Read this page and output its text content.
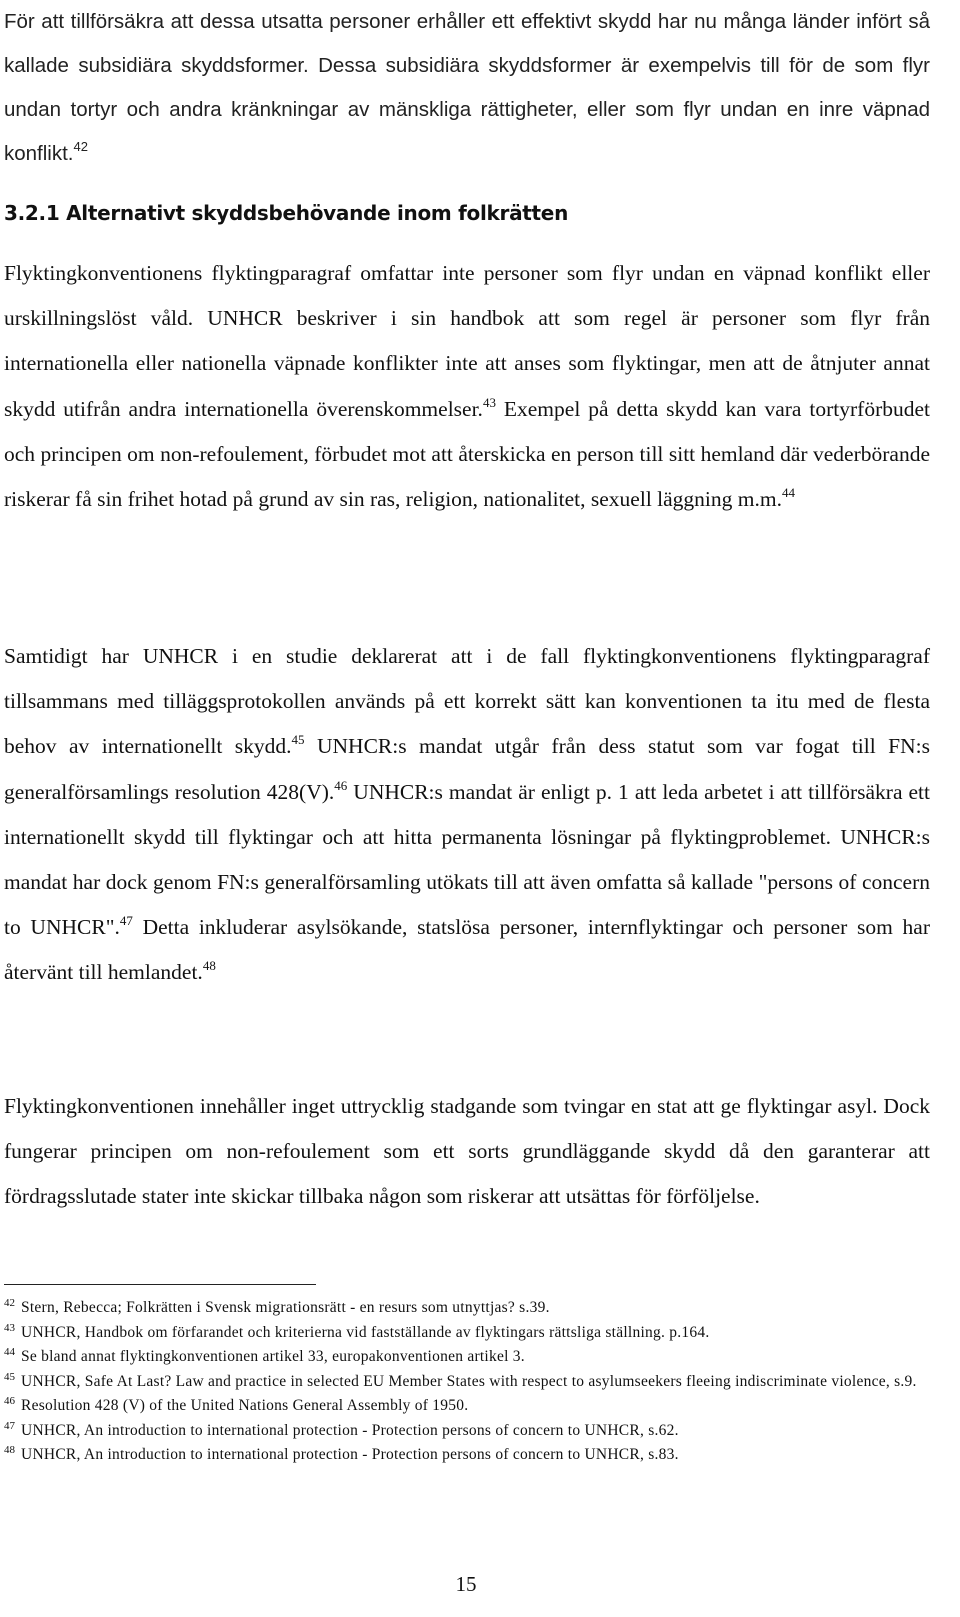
För att tillförsäkra att dessa utsatta personer erhåller ett effektivt skydd har nu många länder infört så kallade subsidiära skyddsformer. Dessa subsidiära skyddsformer är exempelvis till för de som flyr undan tortyr och andra kränkningar av mänskliga rättigheter, eller som flyr undan en inre väpnad konflikt.$^{42}$

3.2.1 Alternativt skyddsbehövande inom folkrätten

Flyktingkonventionens flyktingparagraf omfattar inte personer som flyr undan en väpnad konflikt eller urskillningslöst våld. UNHCR beskriver i sin handbok att som regel är personer som flyr från internationella eller nationella väpnade konflikter inte att anses som flyktingar, men att de åtnjuter annat skydd utifrån andra internationella överenskommelser.$^{43}$ Exempel på detta skydd kan vara tortyrförbudet och principen om non-refoulement, förbudet mot att återskicka en person till sitt hemland där vederbörande riskerar få sin frihet hotad på grund av sin ras, religion, nationalitet, sexuell läggning m.m.$^{44}$

Samtidigt har UNHCR i en studie deklarerat att i de fall flyktingkonventionens flyktingparagraf tillsammans med tilläggsprotokollen används på ett korrekt sätt kan konventionen ta itu med de flesta behov av internationellt skydd.$^{45}$ UNHCR:s mandat utgår från dess statut som var fogat till FN:s generalförsamlings resolution 428(V).$^{46}$ UNHCR:s mandat är enligt p. 1 att leda arbetet i att tillförsäkra ett internationellt skydd till flyktingar och att hitta permanenta lösningar på flyktingproblemet. UNHCR:s mandat har dock genom FN:s generalförsamling utökats till att även omfatta så kallade "persons of concern to UNHCR".$^{47}$ Detta inkluderar asylsökande, statslösa personer, internflyktingar och personer som har återvänt till hemlandet.$^{48}$

Flyktingkonventionen innehåller inget uttrycklig stadgande som tvingar en stat att ge flyktingar asyl. Dock fungerar principen om non-refoulement som ett sorts grundläggande skydd då den garanterar att fördragsslutade stater inte skickar tillbaka någon som riskerar att utsättas för förföljelse.

$^{42}$ Stern, Rebecca; Folkrätten i Svensk migrationsrätt - en resurs som utnyttjas? s.39.

$^{43}$ UNHCR, Handbok om förfarandet och kriterierna vid fastställande av flyktingars rättsliga ställning. p.164.

$^{44}$ Se bland annat flyktingkonventionen artikel 33, europakonventionen artikel 3.

$^{45}$ UNHCR, Safe At Last? Law and practice in selected EU Member States with respect to asylumseekers fleeing indiscriminate violence, s.9.

$^{46}$ Resolution 428 (V) of the United Nations General Assembly of 1950.

$^{47}$ UNHCR, An introduction to international protection - Protection persons of concern to UNHCR, s.62.

$^{48}$ UNHCR, An introduction to international protection - Protection persons of concern to UNHCR, s.83.

15
